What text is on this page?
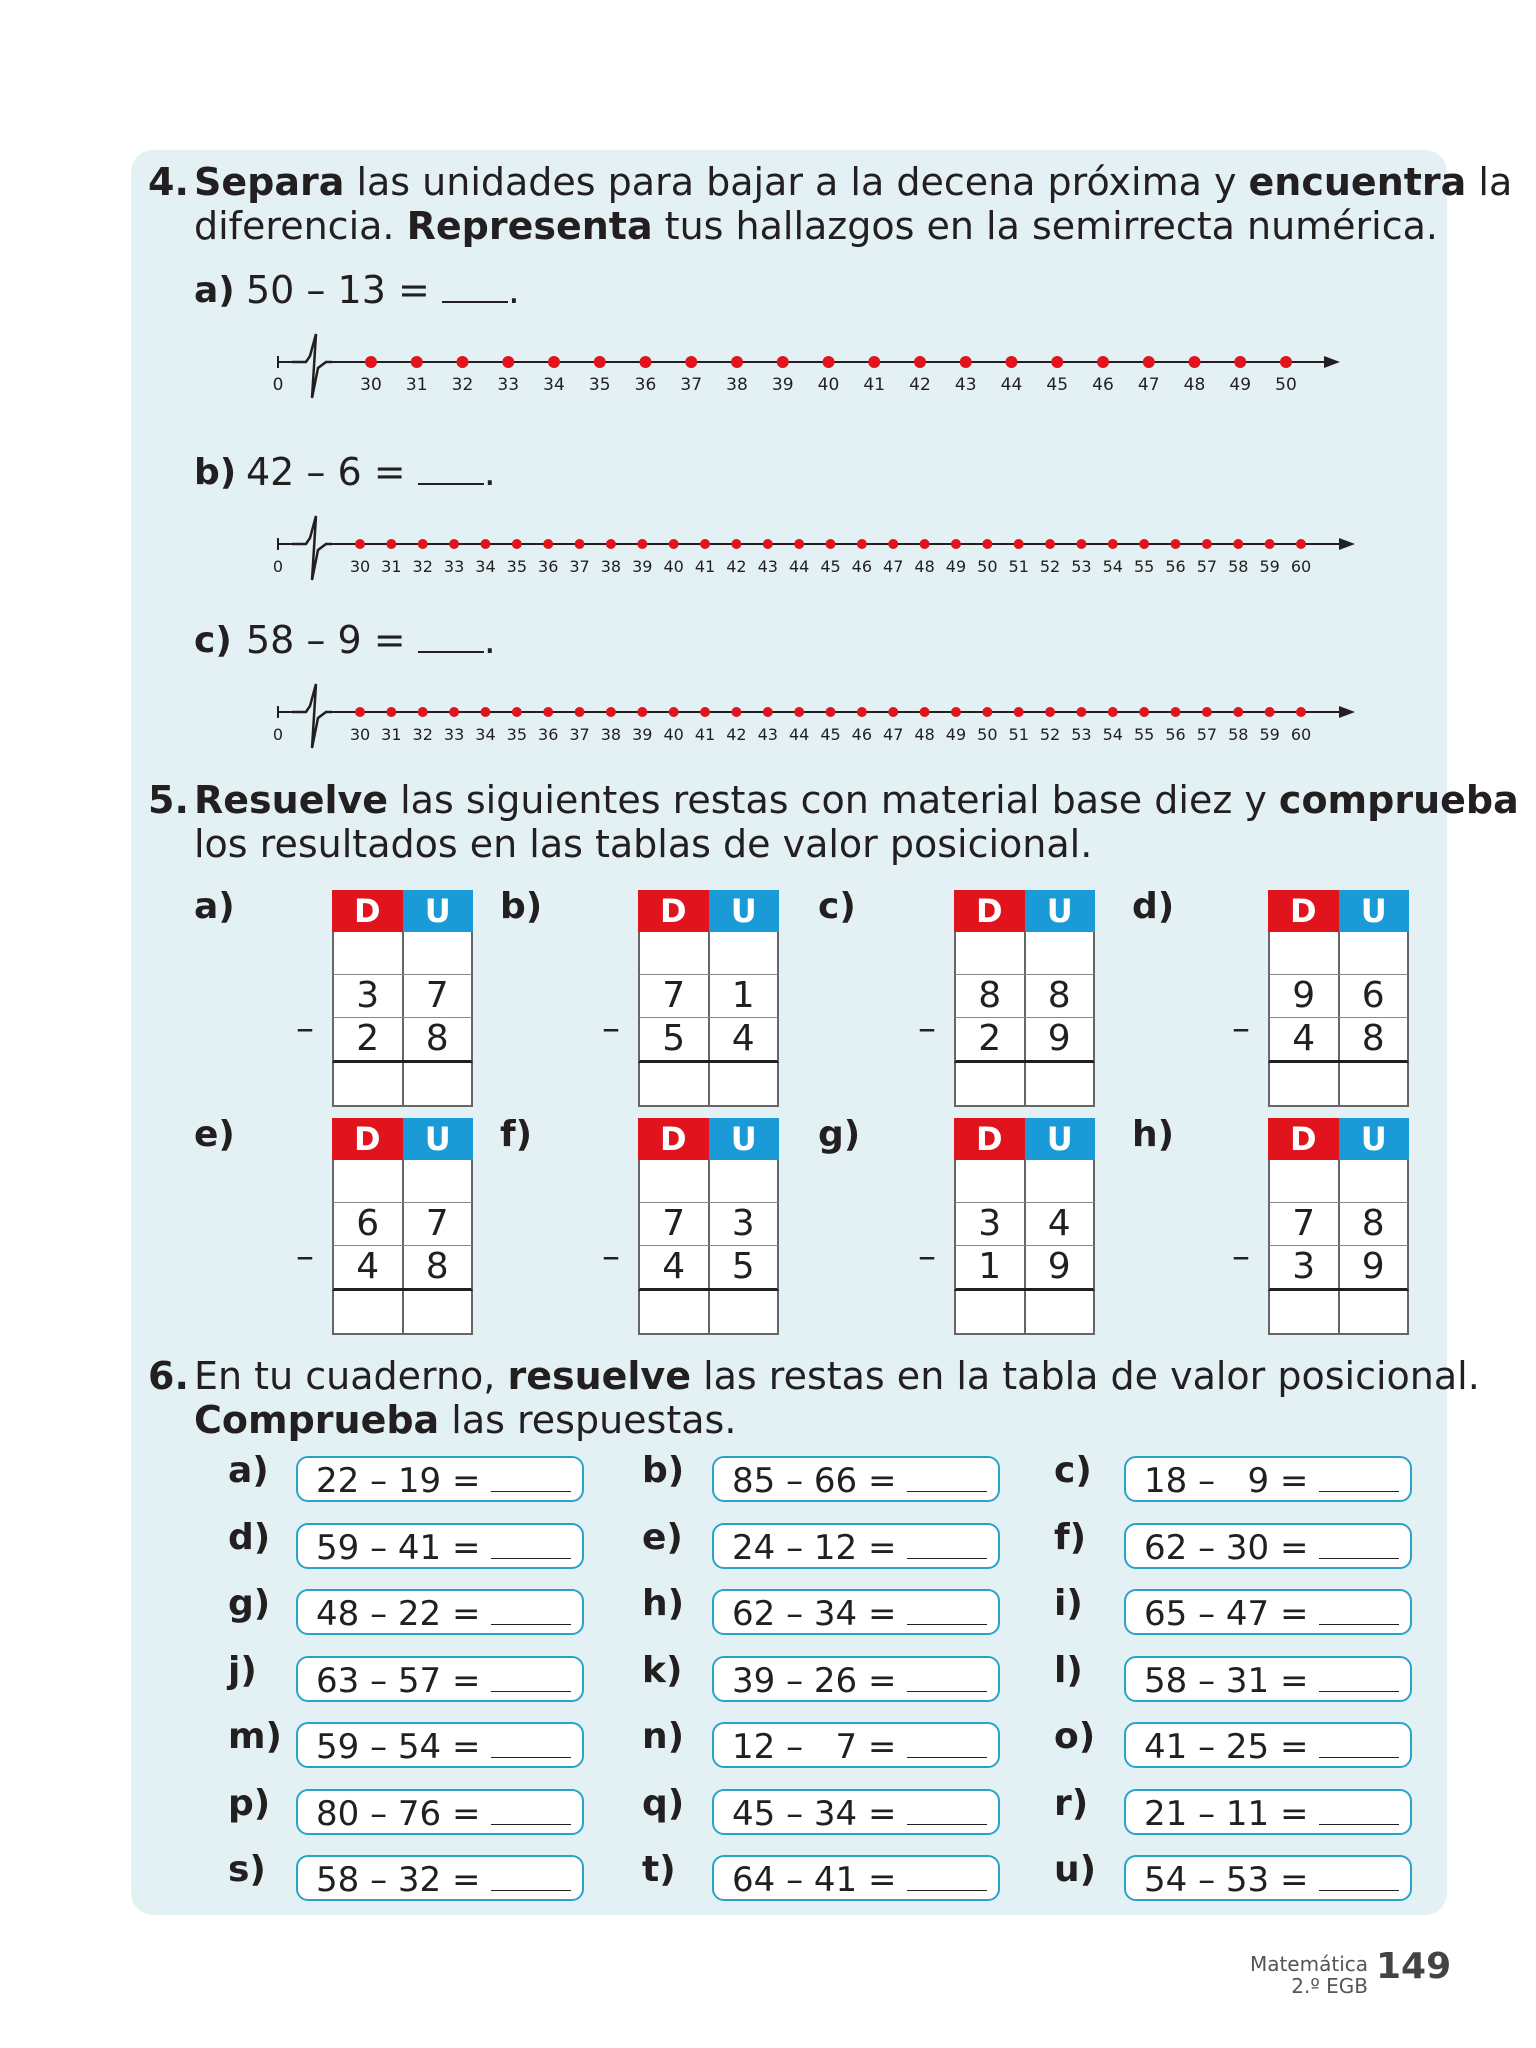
4. Separa las unidades para bajar a la decena próxima y encuentra la
diferencia. Representa tus hallazgos en la semirrecta numérica.
a) 50 – 13 = .
0	30 31 32 33 34 35 36 37 38 39 40 41 42 43 44 45 46 47 48 49 50
b) 42 – 6 = .
0	30 31 32 33 34 35 36 37 38 39 40 41 42 43 44 45 46 47 48 49 50 51 52 53 54 55 56 57 58 59 60
c) 58 – 9 = .
0	30 31 32 33 34 35 36 37 38 39 40 41 42 43 44 45 46 47 48 49 50 51 52 53 54 55 56 57 58 59 60
5. Resuelve las siguientes restas con material base diez y comprueba
los resultados en las tablas de valor posicional.
a)	D	U
3	7
2	8
–
b)	D	U
7	1
5	4
–
c)	D	U
8	8
2	9
–
d)	D	U
9	6
4	8
–
e)	D	U
6	7
4	8
–
f)	D	U
7	3
4	5
–
g)	D	U
3	4
1	9
–
h)	D	U
7	8
3	9
–
6. En tu cuaderno, resuelve las restas en la tabla de valor posicional.
Comprueba las respuestas.
a)	22 – 19 =	b)	85 – 66 =	c)	18 –   9 =
d)	59 – 41 =	e)	24 – 12 =	f)	62 – 30 =
g)	48 – 22 =	h)	62 – 34 =	i)	65 – 47 =
j)	63 – 57 =	k)	39 – 26 =	l)	58 – 31 =
m)	59 – 54 =	n)	12 –   7 =	o)	41 – 25 =
p)	80 – 76 =	q)	45 – 34 =	r)	21 – 11 =
s)	58 – 32 =	t)	64 – 41 =	u)	54 – 53 =
Matemática
2.º EGB 149
